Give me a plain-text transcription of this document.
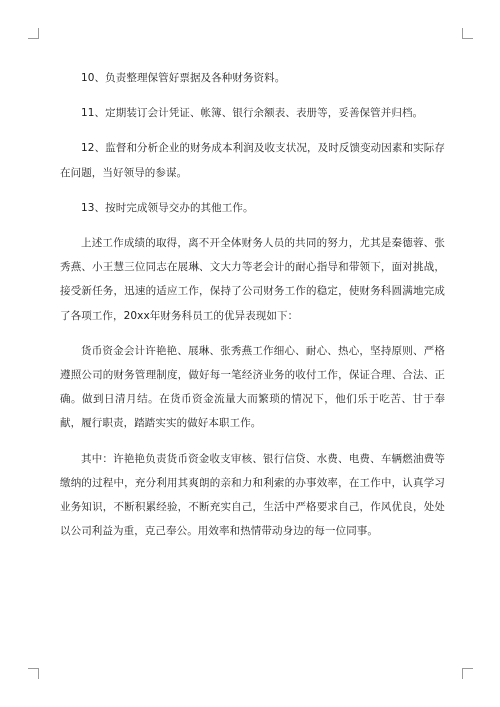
10、负责整理保管好票据及各种财务资料。

11、定期装订会计凭证、帐簿、银行余额表、表册等，妥善保管并归档。

12、监督和分析企业的财务成本利润及收支状况，及时反馈变动因素和实际存在问题，当好领导的参谋。

13、按时完成领导交办的其他工作。

上述工作成绩的取得，离不开全体财务人员的共同的努力，尤其是秦德蓉、张秀燕、小王慧三位同志在展琳、文大力等老会计的耐心指导和带领下，面对挑战，接受新任务，迅速的适应工作，保持了公司财务工作的稳定，使财务科圆满地完成了各项工作，20xx年财务科员工的优异表现如下：

货币资金会计许艳艳、展琳、张秀燕工作细心、耐心、热心，坚持原则、严格遵照公司的财务管理制度，做好每一笔经济业务的收付工作，保证合理、合法、正确。做到日清月结。在货币资金流量大而繁琐的情况下，他们乐于吃苦、甘于奉献，履行职责，踏踏实实的做好本职工作。

其中：许艳艳负责货币资金收支审核、银行信贷、水费、电费、车辆燃油费等缴纳的过程中，充分利用其爽朗的亲和力和利索的办事效率，在工作中，认真学习业务知识，不断积累经验，不断充实自己，生活中严格要求自己，作风优良，处处以公司利益为重，克己奉公。用效率和热情带动身边的每一位同事。
